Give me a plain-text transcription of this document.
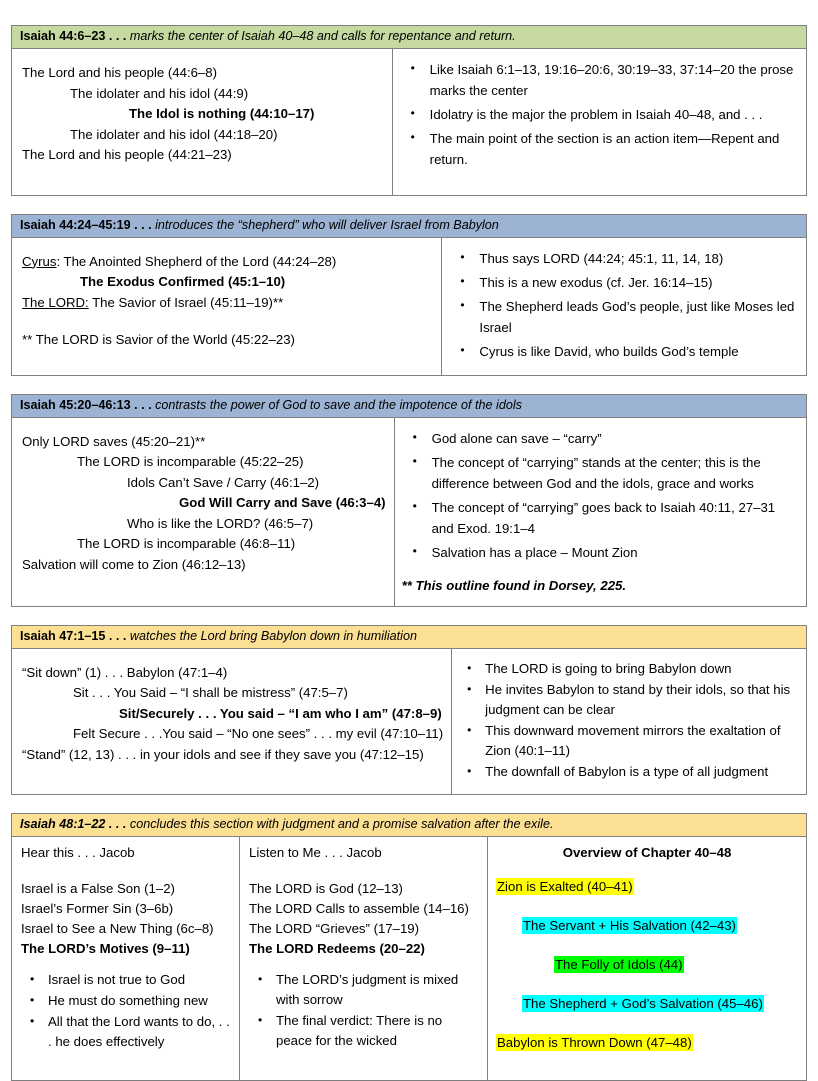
Isaiah 44:6–23 . . . marks the center of Isaiah 40–48 and calls for repentance and return.
The Lord and his people (44:6–8)
The idolater and his idol (44:9)
The Idol is nothing (44:10–17)
The idolater and his idol (44:18–20)
The Lord and his people (44:21–23)
• Like Isaiah 6:1–13, 19:16–20:6, 30:19–33, 37:14–20 the prose marks the center
• Idolatry is the major the problem in Isaiah 40–48, and . . .
• The main point of the section is an action item—Repent and return.
Isaiah 44:24–45:19 . . . introduces the “shepherd” who will deliver Israel from Babylon
Cyrus: The Anointed Shepherd of the Lord (44:24–28)
The Exodus Confirmed (45:1–10)
The LORD: The Savior of Israel (45:11–19)**
** The LORD is Savior of the World (45:22–23)
• Thus says LORD (44:24; 45:1, 11, 14, 18)
• This is a new exodus (cf. Jer. 16:14–15)
• The Shepherd leads God’s people, just like Moses led Israel
• Cyrus is like David, who builds God’s temple
Isaiah 45:20–46:13 . . . contrasts the power of God to save and the impotence of the idols
Only LORD saves (45:20–21)**
The LORD is incomparable (45:22–25)
Idols Can’t Save / Carry (46:1–2)
God Will Carry and Save (46:3–4)
Who is like the LORD? (46:5–7)
The LORD is incomparable (46:8–11)
Salvation will come to Zion (46:12–13)
• God alone can save – “carry”
• The concept of “carrying” stands at the center; this is the difference between God and the idols, grace and works
• The concept of “carrying” goes back to Isaiah 40:11, 27–31 and Exod. 19:1–4
• Salvation has a place – Mount Zion
** This outline found in Dorsey, 225.
Isaiah 47:1–15 . . . watches the Lord bring Babylon down in humiliation
“Sit down” (1) . . . Babylon (47:1–4)
Sit . . . You Said – “I shall be mistress” (47:5–7)
Sit/Securely . . . You said – “I am who I am” (47:8–9)
Felt Secure . . .You said – “No one sees” . . . my evil (47:10–11)
“Stand” (12, 13) . . . in your idols and see if they save you (47:12–15)
• The LORD is going to bring Babylon down
• He invites Babylon to stand by their idols, so that his judgment can be clear
• This downward movement mirrors the exaltation of Zion (40:1–11)
• The downfall of Babylon is a type of all judgment
Isaiah 48:1–22 . . . concludes this section with judgment and a promise salvation after the exile.
Hear this . . . Jacob
Israel is a False Son (1–2)
Israel’s Former Sin (3–6b)
Israel to See a New Thing (6c–8)
The LORD’s Motives (9–11)
• Israel is not true to God
• He must do something new
• All that the Lord wants to do, . . . he does effectively
Listen to Me . . . Jacob
The LORD is God (12–13)
The LORD Calls to assemble (14–16)
The LORD “Grieves” (17–19)
The LORD Redeems (20–22)
• The LORD’s judgment is mixed with sorrow
• The final verdict: There is no peace for the wicked
Overview of Chapter 40–48
Zion is Exalted (40–41)
The Servant + His Salvation (42–43)
The Folly of Idols (44)
The Shepherd + God’s Salvation (45–46)
Babylon is Thrown Down (47–48)
